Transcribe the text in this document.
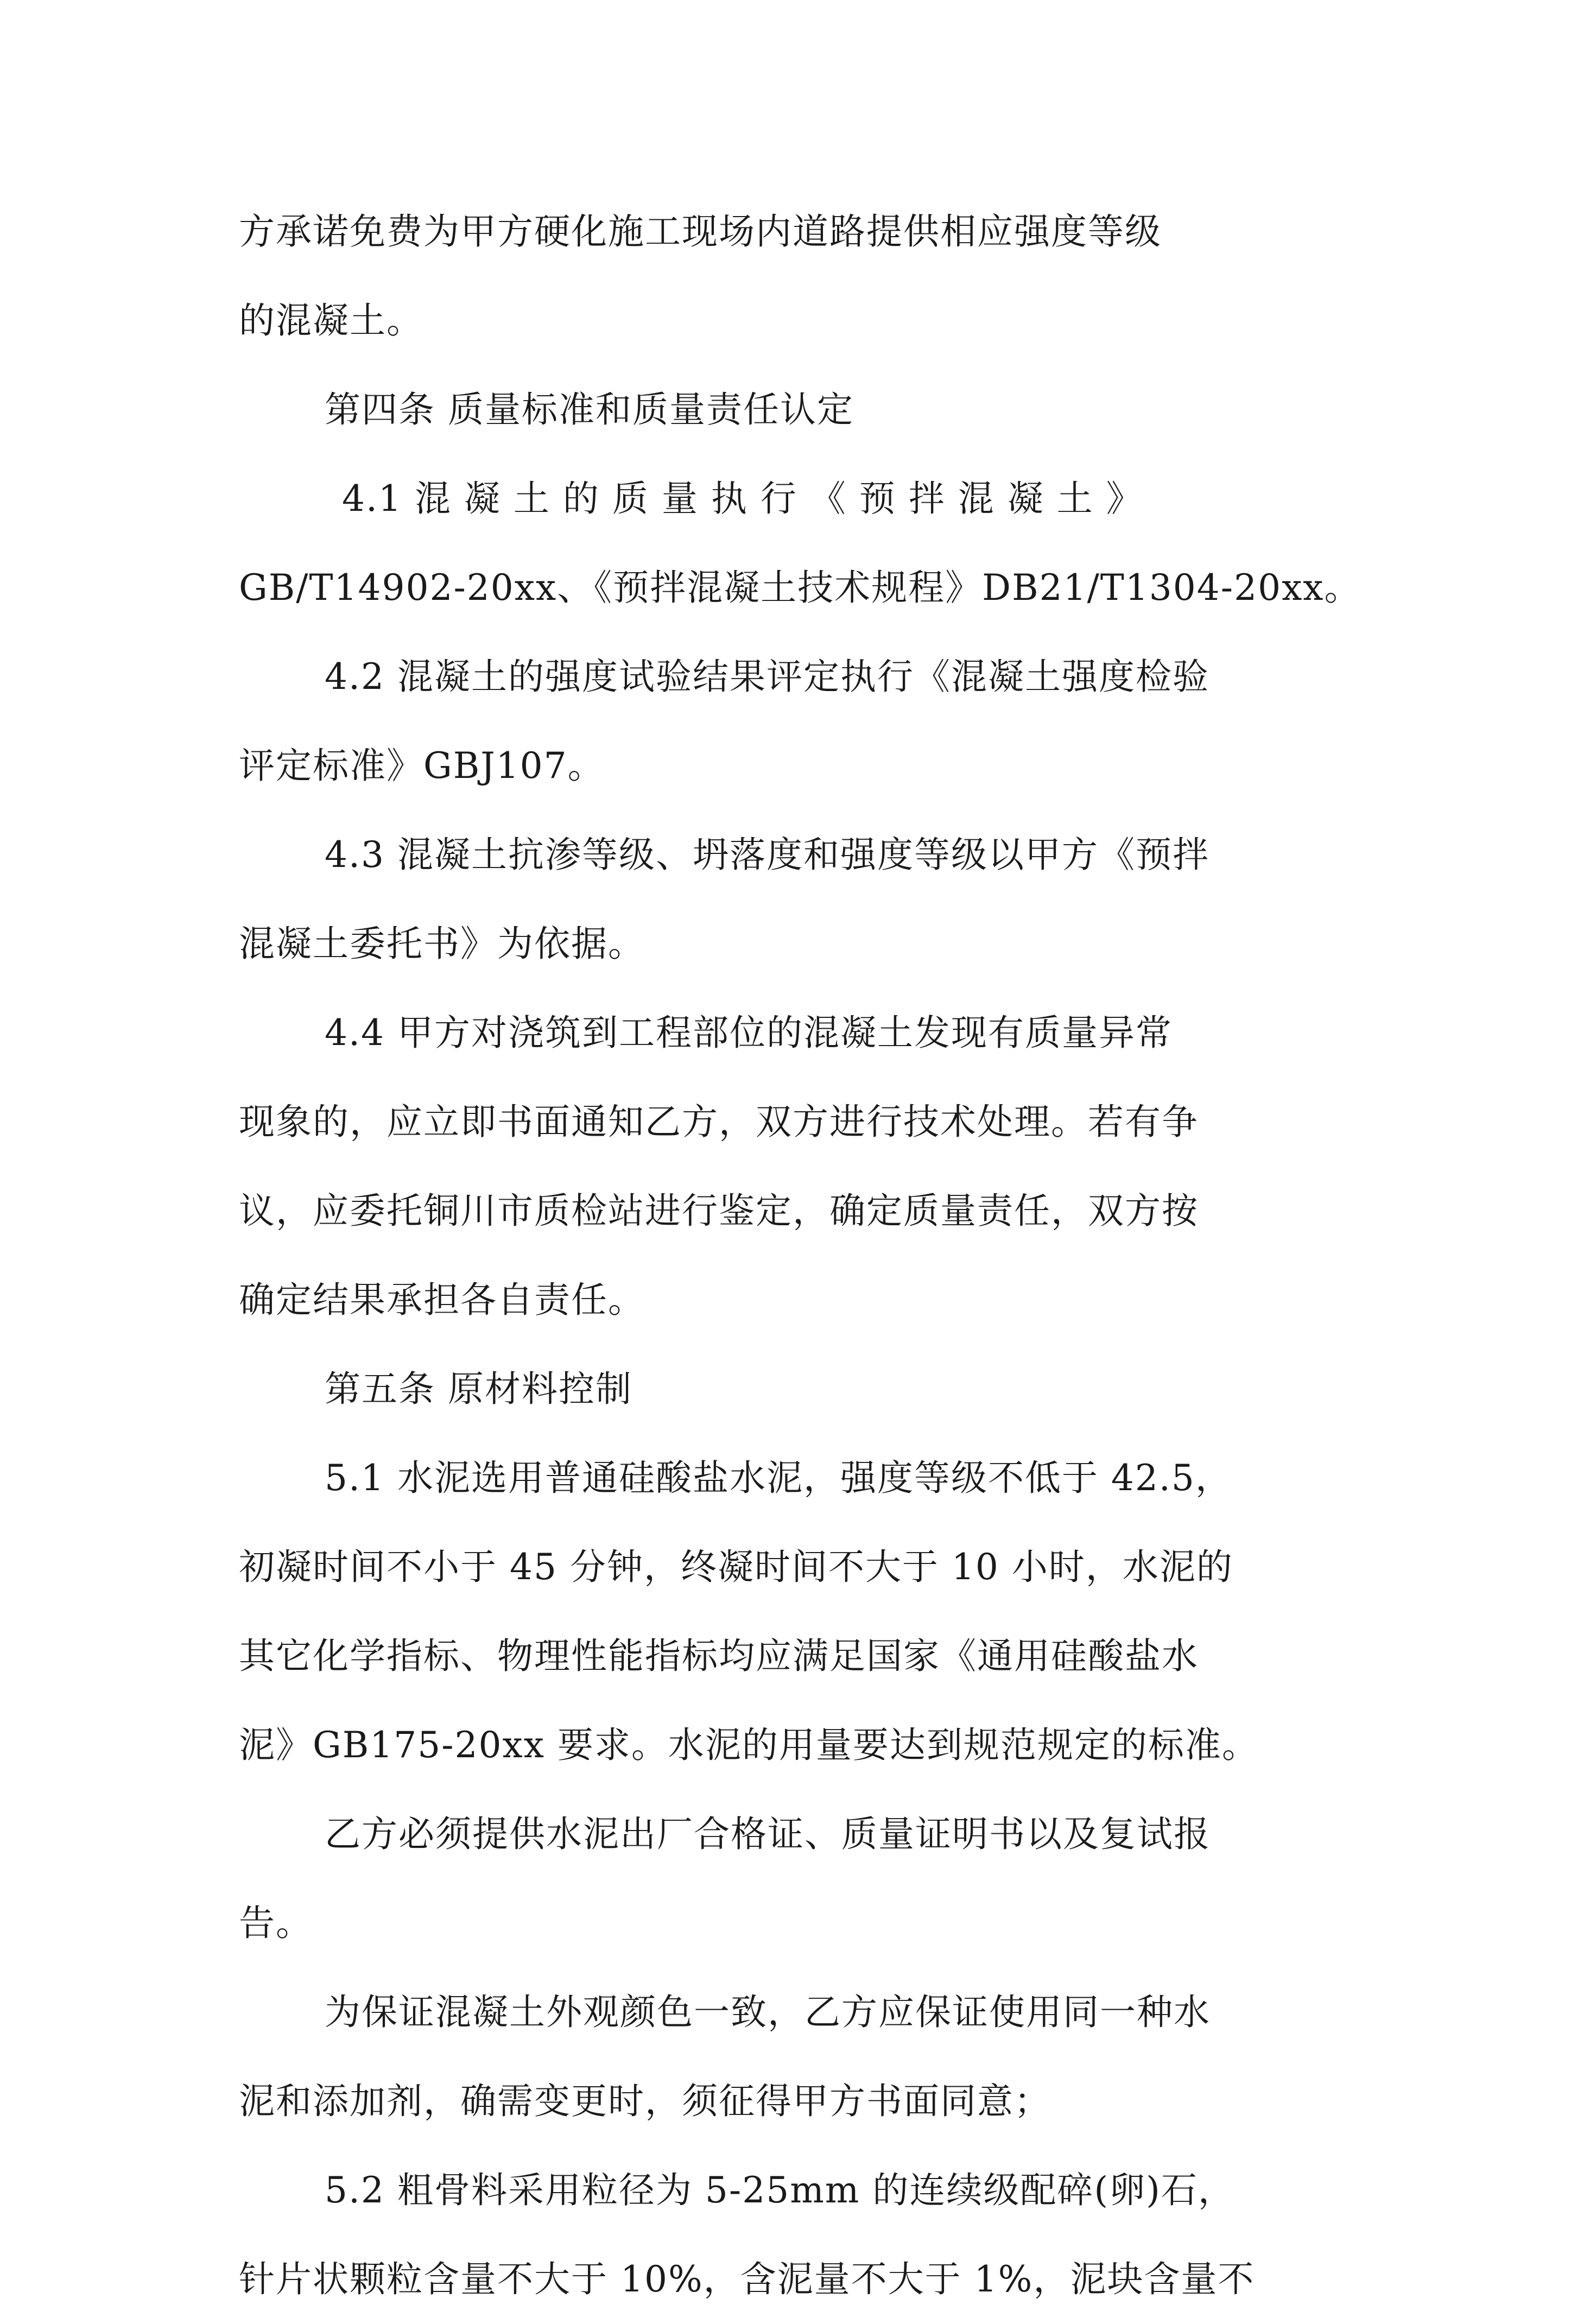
方承诺免费为甲方硬化施工现场内道路提供相应强度等级
的混凝土。
第四条 质量标准和质量责任认定
4.1 混 凝 土 的 质 量 执 行 《 预 拌 混 凝 土 》
GB/T14902-20xx、《预拌混凝土技术规程》DB21/T1304-20xx。
4.2 混凝土的强度试验结果评定执行《混凝土强度检验
评定标准》GBJ107。
4.3 混凝土抗渗等级、坍落度和强度等级以甲方《预拌
混凝土委托书》为依据。
4.4 甲方对浇筑到工程部位的混凝土发现有质量异常
现象的，应立即书面通知乙方，双方进行技术处理。若有争
议，应委托铜川市质检站进行鉴定，确定质量责任，双方按
确定结果承担各自责任。
第五条 原材料控制
5.1 水泥选用普通硅酸盐水泥，强度等级不低于 42.5，
初凝时间不小于 45 分钟，终凝时间不大于 10 小时，水泥的
其它化学指标、物理性能指标均应满足国家《通用硅酸盐水
泥》GB175-20xx 要求。水泥的用量要达到规范规定的标准。
乙方必须提供水泥出厂合格证、质量证明书以及复试报
告。
为保证混凝土外观颜色一致，乙方应保证使用同一种水
泥和添加剂，确需变更时，须征得甲方书面同意；
5.2 粗骨料采用粒径为 5-25mm 的连续级配碎(卵)石，
针片状颗粒含量不大于 10%，含泥量不大于 1%，泥块含量不
